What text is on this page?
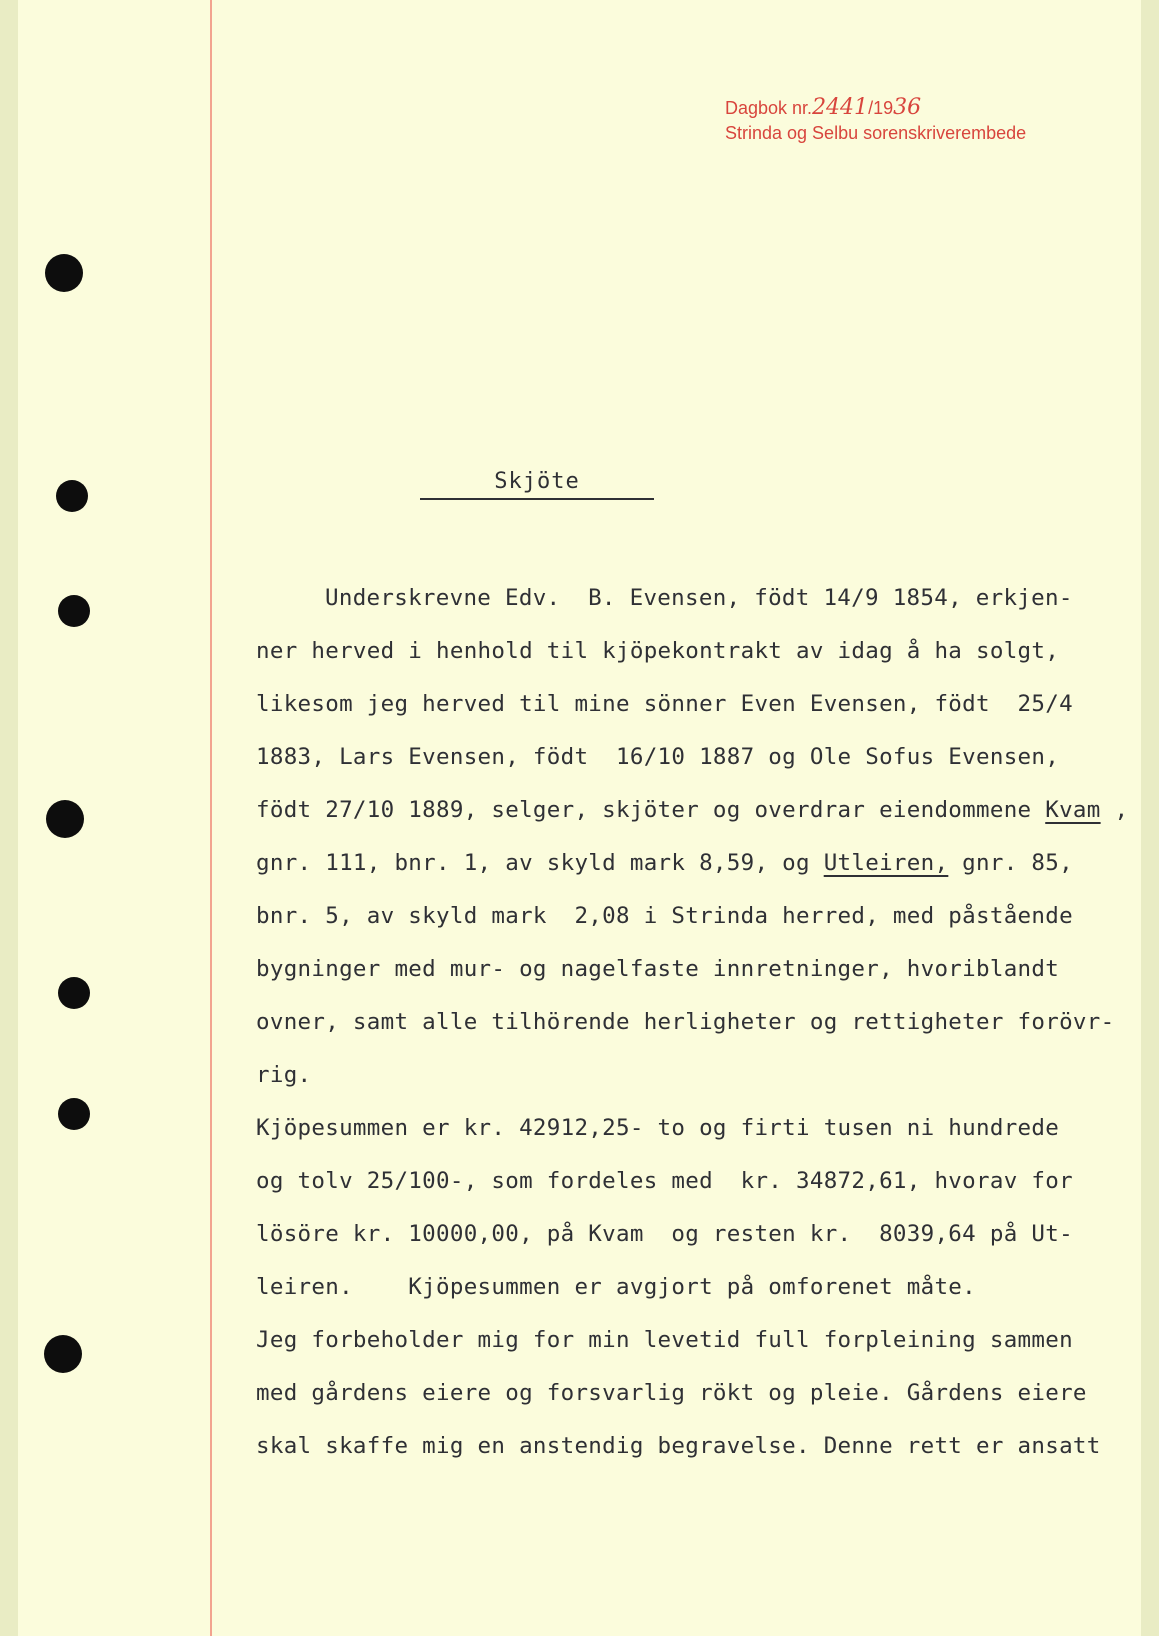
Dagbok nr.2441/1936
Strinda og Selbu sorenskriverembede
Skjöte
Underskrevne Edv.  B. Evensen, födt 14/9 1854, erkjen-
ner herved i henhold til kjöpekontrakt av idag å ha solgt,
likesom jeg herved til mine sönner Even Evensen, födt  25/4
1883, Lars Evensen, födt  16/10 1887 og Ole Sofus Evensen,
födt 27/10 1889, selger, skjöter og overdrar eiendommene Kvam ,
gnr. 111, bnr. 1, av skyld mark 8,59, og Utleiren, gnr. 85,
bnr. 5, av skyld mark  2,08 i Strinda herred, med påstående
bygninger med mur- og nagelfaste innretninger, hvoriblandt
ovner, samt alle tilhörende herligheter og rettigheter forövr-
rig.
Kjöpesummen er kr. 42912,25- to og firti tusen ni hundrede
og tolv 25/100-, som fordeles med  kr. 34872,61, hvorav for
lösöre kr. 10000,00, på Kvam  og resten kr.  8039,64 på Ut-
leiren.    Kjöpesummen er avgjort på omforenet måte.
Jeg forbeholder mig for min levetid full forpleining sammen
med gårdens eiere og forsvarlig rökt og pleie. Gårdens eiere
skal skaffe mig en anstendig begravelse. Denne rett er ansatt
